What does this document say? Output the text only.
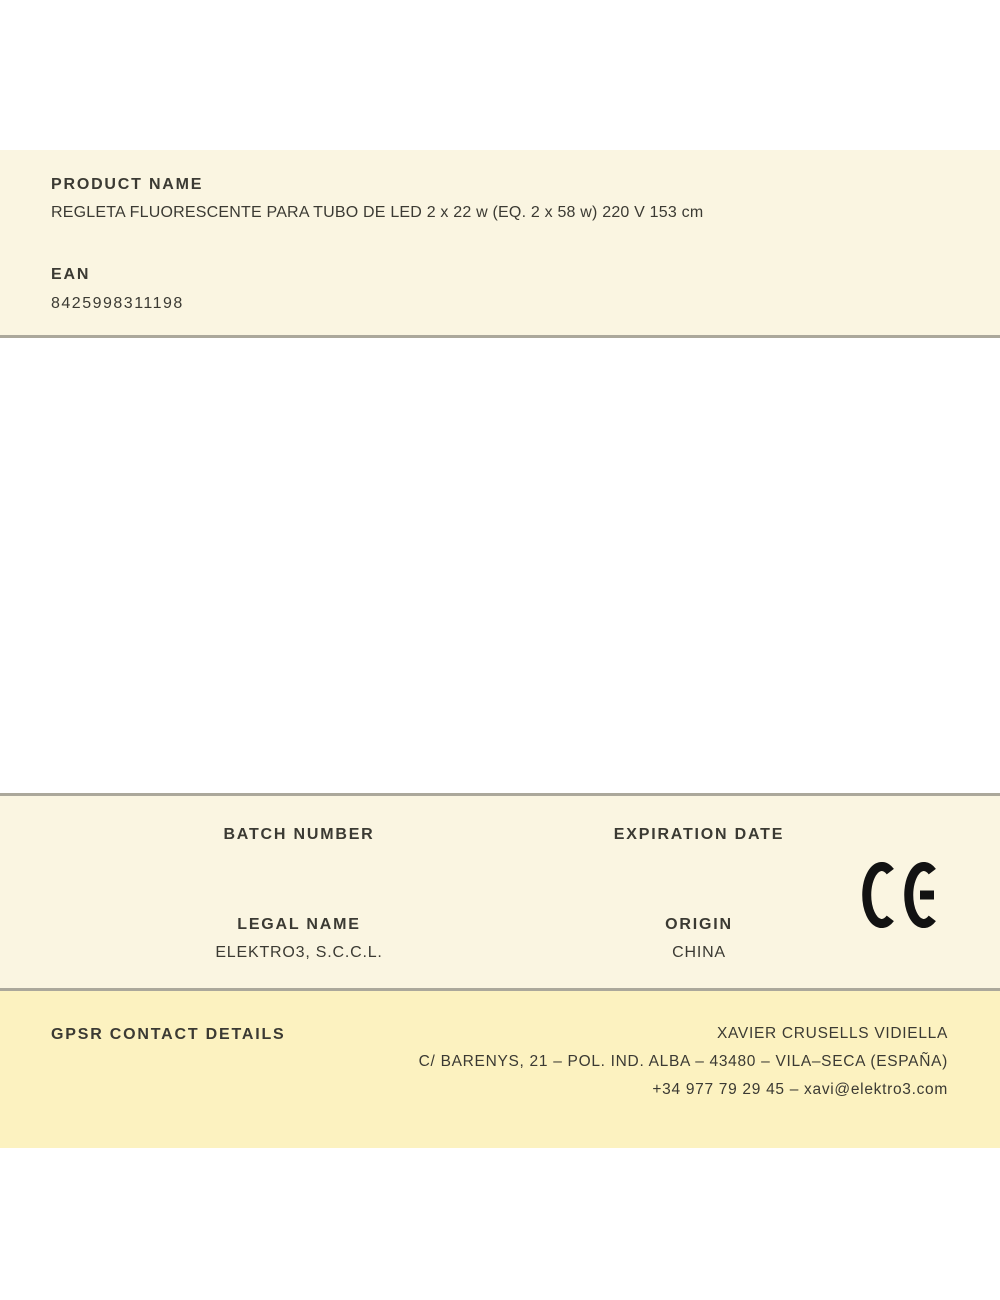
PRODUCT NAME
REGLETA FLUORESCENTE PARA TUBO DE LED 2 x 22 w (EQ. 2 x 58 w) 220 V 153 cm
EAN
8425998311198
BATCH NUMBER
LEGAL NAME
ELEKTRO3, S.C.C.L.
EXPIRATION DATE
ORIGIN
CHINA
GPSR CONTACT DETAILS	XAVIER CRUSELLS VIDIELLA
C/ BARENYS, 21 – POL. IND. ALBA – 43480 – VILA–SECA (ESPAÑA)
+34 977 79 29 45 – xavi@elektro3.com
